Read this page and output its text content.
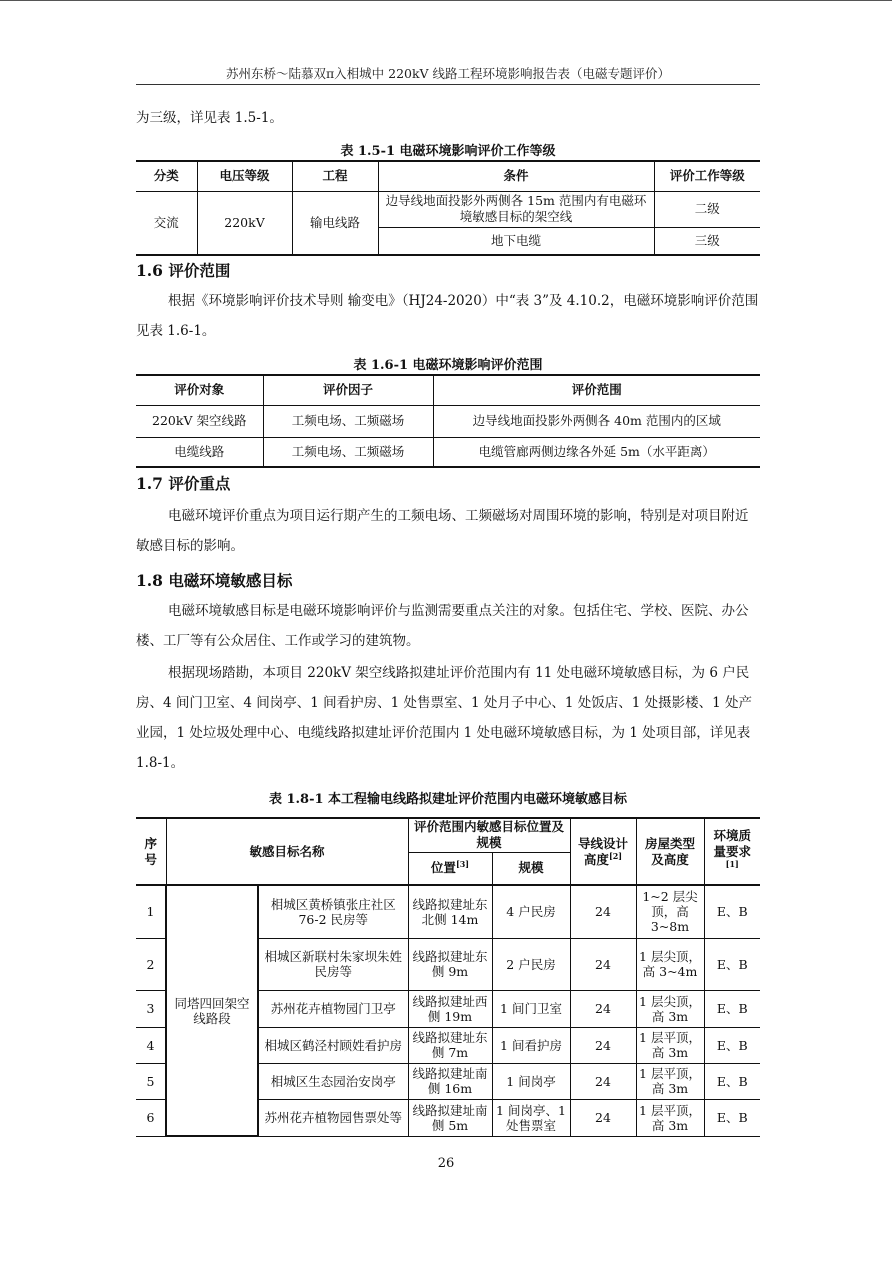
苏州东桥～陆慕双π入相城中 220kV 线路工程环境影响报告表（电磁专题评价）

为三级，详见表 1.5-1。

表 1.5-1 电磁环境影响评价工作等级
分类	电压等级	工程	条件	评价工作等级
交流	220kV	输电线路	边导线地面投影外两侧各 15m 范围内有电磁环境敏感目标的架空线	二级
			地下电缆	三级
1.6 评价范围

根据《环境影响评价技术导则 输变电》（HJ24-2020）中“表 3”及 4.10.2，电磁环境影响评价范围见表 1.6-1。

表 1.6-1 电磁环境影响评价范围
评价对象	评价因子	评价范围
220kV 架空线路	工频电场、工频磁场	边导线地面投影外两侧各 40m 范围内的区域
电缆线路	工频电场、工频磁场	电缆管廊两侧边缘各外延 5m（水平距离）
1.7 评价重点

电磁环境评价重点为项目运行期产生的工频电场、工频磁场对周围环境的影响，特别是对项目附近敏感目标的影响。

1.8 电磁环境敏感目标

电磁环境敏感目标是电磁环境影响评价与监测需要重点关注的对象。包括住宅、学校、医院、办公楼、工厂等有公众居住、工作或学习的建筑物。

根据现场踏勘，本项目 220kV 架空线路拟建址评价范围内有 11 处电磁环境敏感目标，为 6 户民房、4 间门卫室、4 间岗亭、1 间看护房、1 处售票室、1 处月子中心、1 处饭店、1 处摄影楼、1 处产业园，1 处垃圾处理中心、电缆线路拟建址评价范围内 1 处电磁环境敏感目标，为 1 处项目部，详见表 1.8-1。

表 1.8-1 本工程输电线路拟建址评价范围内电磁环境敏感目标
序号	敏感目标名称		评价范围内敏感目标位置及规模		导线设计高度[2]	房屋类型及高度	环境质量要求[1]
			位置[3]	规模			
1	同塔四回架空线路段	相城区黄桥镇张庄社区76-2 民房等	线路拟建址东北侧 14m	4 户民房	24	1~2 层尖顶，高 3~8m	E、B
2		相城区新联村朱家坝朱姓民房等	线路拟建址东侧 9m	2 户民房	24	1 层尖顶，高 3~4m	E、B
3		苏州花卉植物园门卫亭	线路拟建址西侧 19m	1 间门卫室	24	1 层尖顶，高 3m	E、B
4		相城区鹤泾村顾姓看护房	线路拟建址东侧 7m	1 间看护房	24	1 层平顶，高 3m	E、B
5		相城区生态园治安岗亭	线路拟建址南侧 16m	1 间岗亭	24	1 层平顶，高 3m	E、B
6		苏州花卉植物园售票处等	线路拟建址南侧 5m	1 间岗亭、1 处售票室	24	1 层平顶，高 3m	E、B
26
